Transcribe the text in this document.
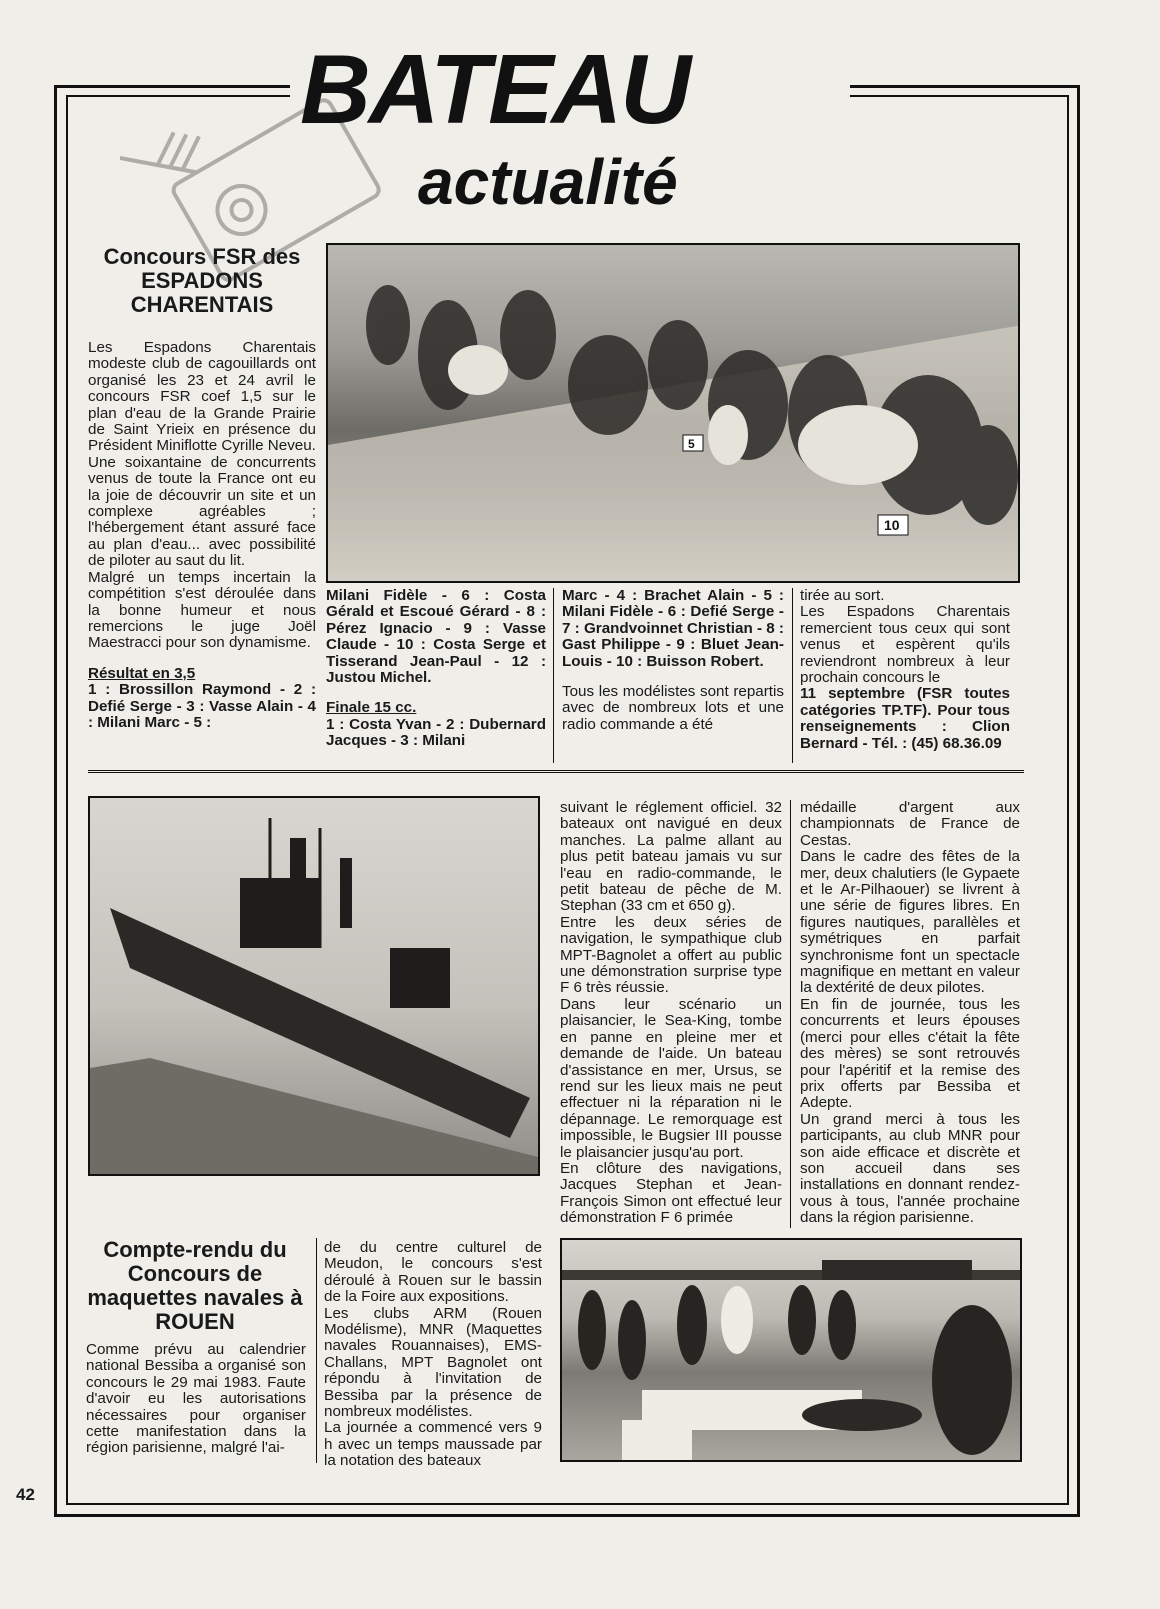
BATEAU
actualité
Concours FSR des ESPADONS CHARENTAIS

Les Espadons Charentais modeste club de cagouillards ont organisé les 23 et 24 avril le concours FSR coef 1,5 sur le plan d'eau de la Grande Prairie de Saint Yrieix en présence du Président Miniflotte Cyrille Neveu.

Une soixantaine de concurrents venus de toute la France ont eu la joie de découvrir un site et un complexe agréables ; l'hébergement étant assuré face au plan d'eau... avec possibilité de piloter au saut du lit.

Malgré un temps incertain la compétition s'est déroulée dans la bonne humeur et nous remercions le juge Joël Maestracci pour son dynamisme.

Résultat en 3,5

1 : Brossillon Raymond - 2 : Defié Serge - 3 : Vasse Alain - 4 : Milani Marc - 5 :

5
10

Milani Fidèle - 6 : Costa Gérald et Escoué Gérard - 8 : Pérez Ignacio - 9 : Vasse Claude - 10 : Costa Serge et Tisserand Jean-Paul - 12 : Justou Michel.

Finale 15 cc.

1 : Costa Yvan - 2 : Dubernard Jacques - 3 : Milani

Marc - 4 : Brachet Alain - 5 : Milani Fidèle - 6 : Defié Serge - 7 : Grandvoinnet Christian - 8 : Gast Philippe - 9 : Bluet Jean-Louis - 10 : Buisson Robert.

Tous les modélistes sont repartis avec de nombreux lots et une radio commande a été

tirée au sort.
Les Espadons Charentais remercient tous ceux qui sont venus et espèrent qu'ils reviendront nombreux à leur prochain concours le

11 septembre (FSR toutes catégories TP.TF). Pour tous renseignements : Clion Bernard - Tél. : (45) 68.36.09

suivant le réglement officiel. 32 bateaux ont navigué en deux manches. La palme allant au plus petit bateau jamais vu sur l'eau en radio-commande, le petit bateau de pêche de M. Stephan (33 cm et 650 g).

Entre les deux séries de navigation, le sympathique club MPT-Bagnolet a offert au public une démonstration surprise type F 6 très réussie.

Dans leur scénario un plaisancier, le Sea-King, tombe en panne en pleine mer et demande de l'aide. Un bateau d'assistance en mer, Ursus, se rend sur les lieux mais ne peut effectuer ni la réparation ni le dépannage. Le remorquage est impossible, le Bugsier III pousse le plaisancier jusqu'au port.

En clôture des navigations, Jacques Stephan et Jean-François Simon ont effectué leur démonstration F 6 primée

médaille d'argent aux championnats de France de Cestas.

Dans le cadre des fêtes de la mer, deux chalutiers (le Gypaete et le Ar-Pilhaouer) se livrent à une série de figures libres. En figures nautiques, parallèles et symétriques en parfait synchronisme font un spectacle magnifique en mettant en valeur la dextérité de deux pilotes.

En fin de journée, tous les concurrents et leurs épouses (merci pour elles c'était la fête des mères) se sont retrouvés pour l'apéritif et la remise des prix offerts par Bessiba et Adepte.

Un grand merci à tous les participants, au club MNR pour son aide efficace et discrète et son accueil dans ses installations en donnant rendez-vous à tous, l'année prochaine dans la région parisienne.

Compte-rendu du Concours de maquettes navales à ROUEN

Comme prévu au calendrier national Bessiba a organisé son concours le 29 mai 1983. Faute d'avoir eu les autorisations nécessaires pour organiser cette manifestation dans la région parisienne, malgré l'ai-

de du centre culturel de Meudon, le concours s'est déroulé à Rouen sur le bassin de la Foire aux expositions.

Les clubs ARM (Rouen Modélisme), MNR (Maquettes navales Rouannaises), EMS-Challans, MPT Bagnolet ont répondu à l'invitation de Bessiba par la présence de nombreux modélistes.

La journée a commencé vers 9 h avec un temps maussade par la notation des bateaux

42
